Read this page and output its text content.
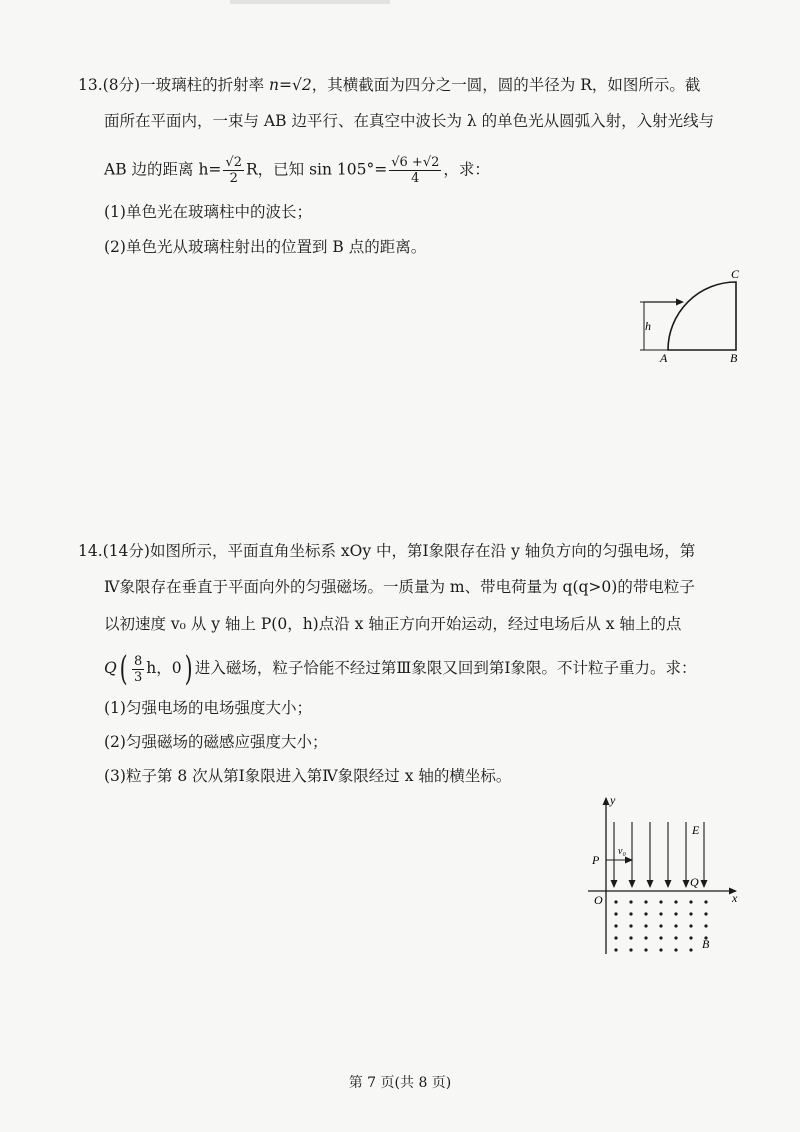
13.(8分)一玻璃柱的折射率 n=√2，其横截面为四分之一圆，圆的半径为 R，如图所示。截
面所在平面内，一束与 AB 边平行、在真空中波长为 λ 的单色光从圆弧入射，入射光线与
AB 边的距离 $h= \frac{√2}{2}$ R，已知 $\sin 105^\circ= \frac{√6 +√2}{4}$ ，求：
(1)单色光在玻璃柱中的波长；
(2)单色光从玻璃柱射出的位置到 B 点的距离。
C
h
A	B
14.(14分)如图所示，平面直角坐标系 xOy 中，第Ⅰ象限存在沿 y 轴负方向的匀强电场，第
Ⅳ象限存在垂直于平面向外的匀强磁场。一质量为 m、带电荷量为 q(q>0)的带电粒子
以初速度 v₀ 从 y 轴上 P(0，h)点沿 x 轴正方向开始运动，经过电场后从 x 轴上的点
$Q( \frac{8}{3}$ h，0) 进入磁场，粒子恰能不经过第Ⅲ象限又回到第Ⅰ象限。不计粒子重力。求：
(1)匀强电场的电场强度大小；
(2)匀强磁场的磁感应强度大小；
(3)粒子第 8 次从第Ⅰ象限进入第Ⅳ象限经过 x 轴的横坐标。
y
x
O
P
v₀
E
Q
B
第 7 页(共 8 页)
